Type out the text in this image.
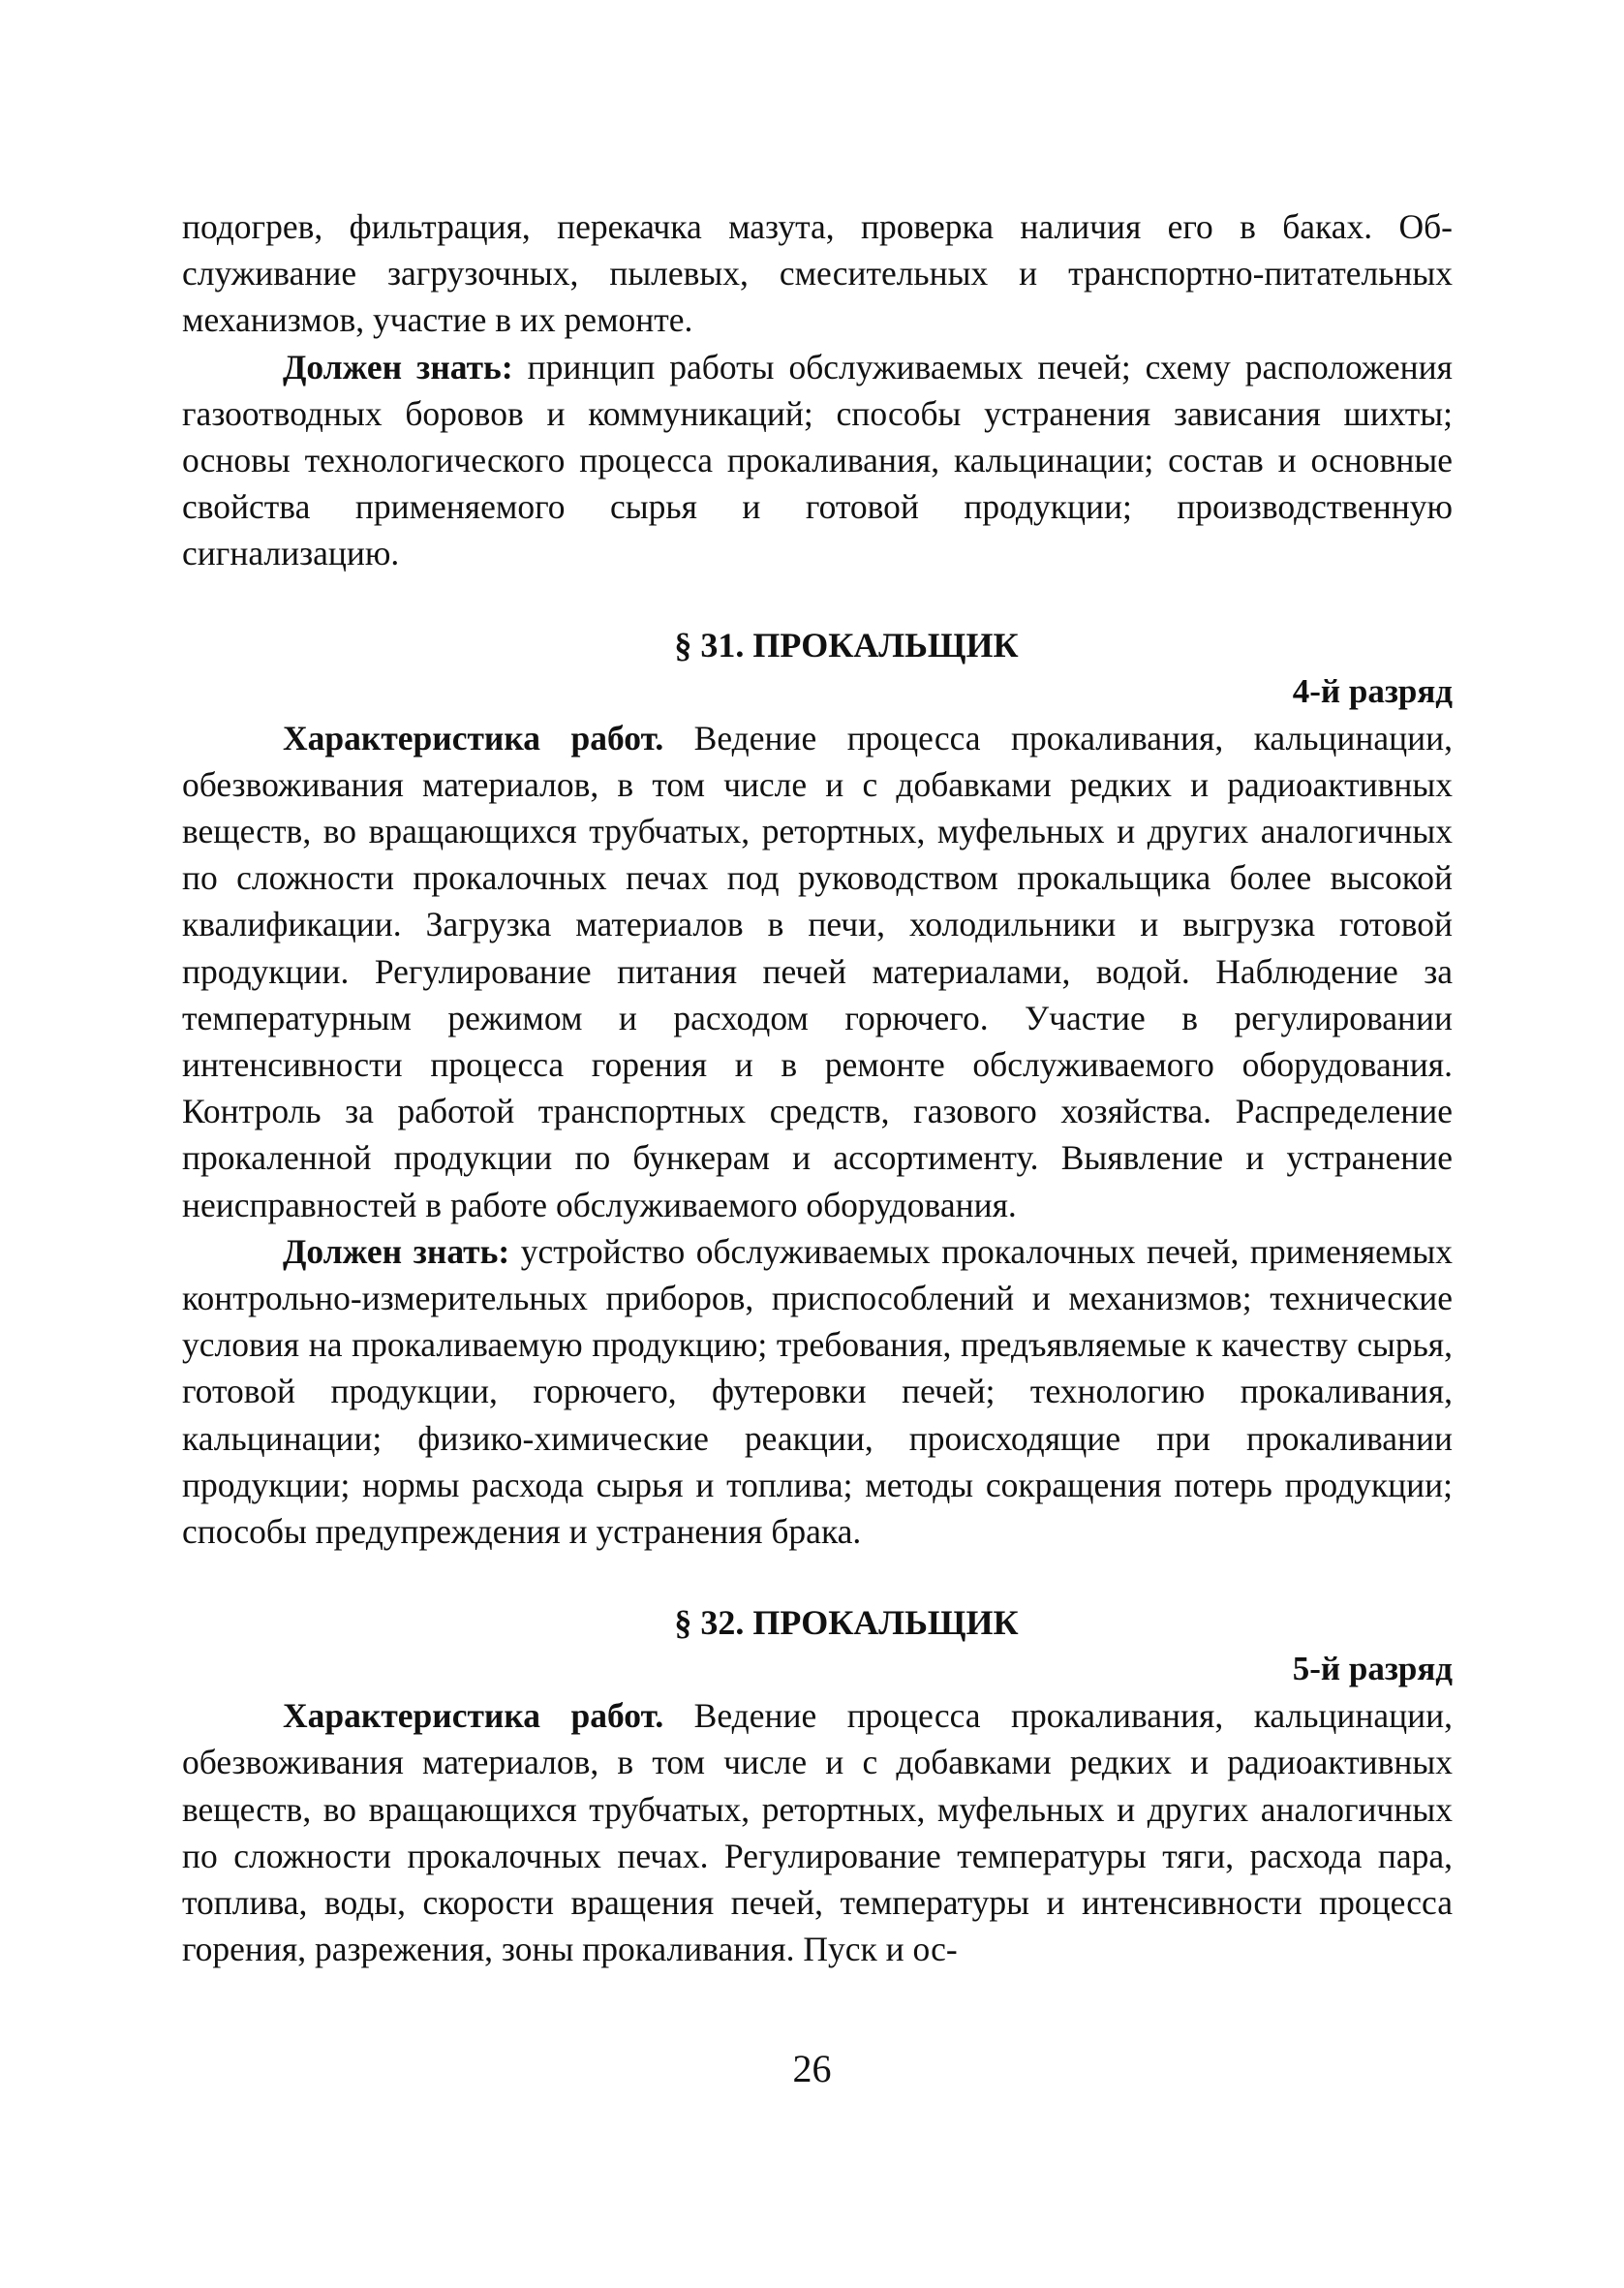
подогрев, фильтрация, перекачка мазута, проверка наличия его в баках. Обслуживание загрузочных, пылевых, смесительных и транспортно-питательных механизмов, участие в их ремонте.

Должен знать: принцип работы обслуживаемых печей; схему расположения газоотводных боровов и коммуникаций; способы устранения зависания шихты; основы технологического процесса прокаливания, кальцинации; состав и основные свойства применяемого сырья и готовой продукции; производственную сигнализацию.

§ 31. ПРОКАЛЬЩИК
4-й разряд

Характеристика работ. Ведение процесса прокаливания, кальцинации, обезвоживания материалов, в том числе и с добавками редких и радиоактивных веществ, во вращающихся трубчатых, ретортных, муфельных и других аналогичных по сложности прокалочных печах под руководством прокальщика более высокой квалификации. Загрузка материалов в печи, холодильники и выгрузка готовой продукции. Регулирование питания печей материалами, водой. Наблюдение за температурным режимом и расходом горючего. Участие в регулировании интенсивности процесса горения и в ремонте обслуживаемого оборудования. Контроль за работой транспортных средств, газового хозяйства. Распределение прокаленной продукции по бункерам и ассортименту. Выявление и устранение неисправностей в работе обслуживаемого оборудования.

Должен знать: устройство обслуживаемых прокалочных печей, применяемых контрольно-измерительных приборов, приспособлений и механизмов; технические условия на прокаливаемую продукцию; требования, предъявляемые к качеству сырья, готовой продукции, горючего, футеровки печей; технологию прокаливания, кальцинации; физико-химические реакции, происходящие при прокаливании продукции; нормы расхода сырья и топлива; методы сокращения потерь продукции; способы предупреждения и устранения брака.

§ 32. ПРОКАЛЬЩИК
5-й разряд

Характеристика работ. Ведение процесса прокаливания, кальцинации, обезвоживания материалов, в том числе и с добавками редких и радиоактивных веществ, во вращающихся трубчатых, ретортных, муфельных и других аналогичных по сложности прокалочных печах. Регулирование температуры тяги, расхода пара, топлива, воды, скорости вращения печей, температуры и интенсивности процесса горения, разрежения, зоны прокаливания. Пуск и ос-

26
